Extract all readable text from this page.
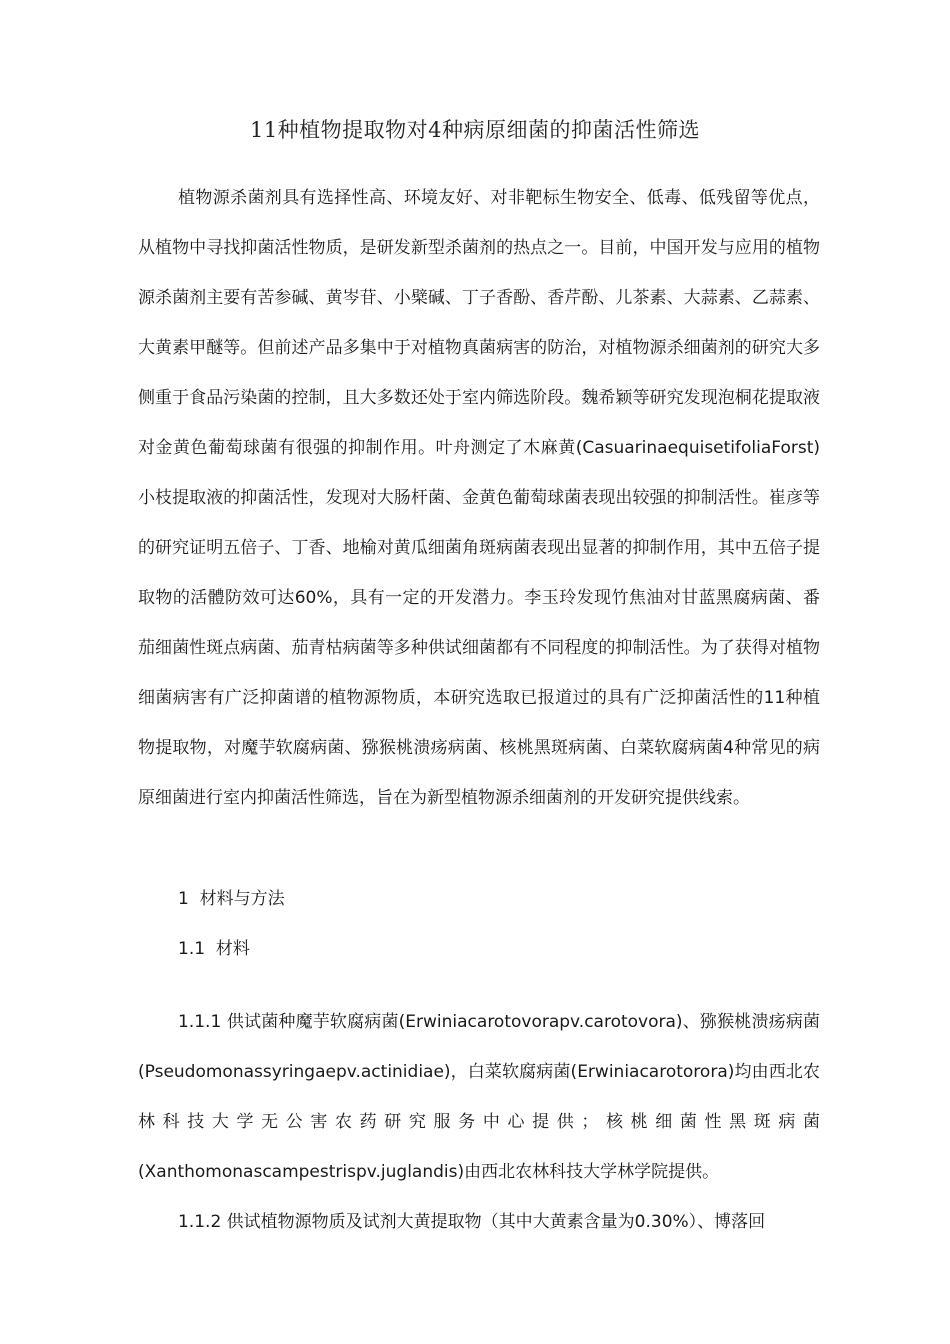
11种植物提取物对4种病原细菌的抑菌活性筛选

植物源杀菌剂具有选择性高、环境友好、对非靶标生物安全、低毒、低残留等优点，从植物中寻找抑菌活性物质，是研发新型杀菌剂的热点之一。目前，中国开发与应用的植物源杀菌剂主要有苦参碱、黄岑苷、小檗碱、丁子香酚、香芹酚、儿茶素、大蒜素、乙蒜素、大黄素甲醚等。但前述产品多集中于对植物真菌病害的防治，对植物源杀细菌剂的研究大多侧重于食品污染菌的控制，且大多数还处于室内筛选阶段。魏希颖等研究发现泡桐花提取液对金黄色葡萄球菌有很强的抑制作用。叶舟测定了木麻黄(CasuarinaequisetifoliaForst)小枝提取液的抑菌活性，发现对大肠杆菌、金黄色葡萄球菌表现出较强的抑制活性。崔彦等的研究证明五倍子、丁香、地榆对黄瓜细菌角斑病菌表现出显著的抑制作用，其中五倍子提取物的活體防效可达60%，具有一定的开发潜力。李玉玲发现竹焦油对甘蓝黑腐病菌、番茄细菌性斑点病菌、茄青枯病菌等多种供试细菌都有不同程度的抑制活性。为了获得对植物细菌病害有广泛抑菌谱的植物源物质，本研究选取已报道过的具有广泛抑菌活性的11种植物提取物，对魔芋软腐病菌、猕猴桃溃疡病菌、核桃黑斑病菌、白菜软腐病菌4种常见的病原细菌进行室内抑菌活性筛选，旨在为新型植物源杀细菌剂的开发研究提供线索。

1  材料与方法
1.1  材料

1.1.1 供试菌种魔芋软腐病菌(Erwiniacarotovorapv.carotovora)、猕猴桃溃疡病菌(Pseudomonassyringaepv.actinidiae)，白菜软腐病菌(Erwiniacarotorora)均由西北农林科技大学无公害农药研究服务中心提供；核桃细菌性黑斑病菌(Xanthomonascampestrispv.juglandis)由西北农林科技大学林学院提供。

1.1.2 供试植物源物质及试剂大黄提取物（其中大黄素含量为0.30%）、博落回
